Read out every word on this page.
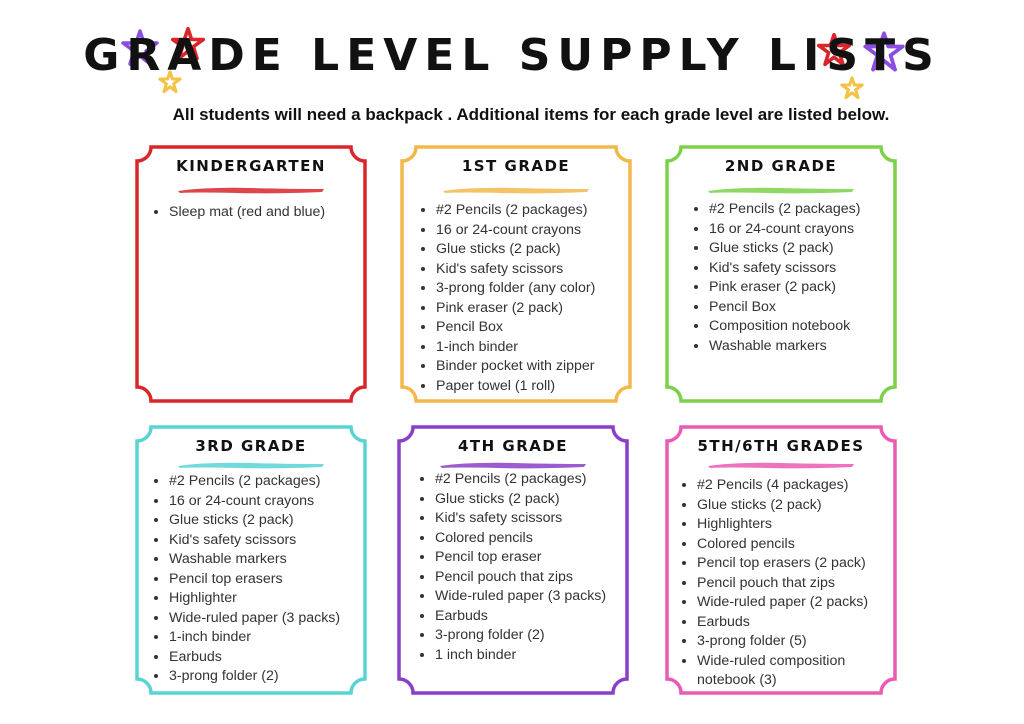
GRADE LEVEL SUPPLY LISTS
All students will need a backpack . Additional items for each grade level are listed below.
KINDERGARTEN
• Sleep mat (red and blue)
1ST GRADE
• #2 Pencils (2 packages)
• 16 or 24-count crayons
• Glue sticks (2 pack)
• Kid's safety scissors
• 3-prong folder (any color)
• Pink eraser (2 pack)
• Pencil Box
• 1-inch binder
• Binder pocket with zipper
• Paper towel (1 roll)
2ND GRADE
• #2 Pencils (2 packages)
• 16 or 24-count crayons
• Glue sticks (2 pack)
• Kid's safety scissors
• Pink eraser (2 pack)
• Pencil Box
• Composition notebook
• Washable markers
3RD GRADE
• #2 Pencils (2 packages)
• 16 or 24-count crayons
• Glue sticks (2 pack)
• Kid's safety scissors
• Washable markers
• Pencil top erasers
• Highlighter
• Wide-ruled paper (3 packs)
• 1-inch binder
• Earbuds
• 3-prong folder (2)
4TH GRADE
• #2 Pencils (2 packages)
• Glue sticks (2 pack)
• Kid's safety scissors
• Colored pencils
• Pencil top eraser
• Pencil pouch that zips
• Wide-ruled paper (3 packs)
• Earbuds
• 3-prong folder (2)
• 1 inch binder
5TH/6TH GRADES
• #2 Pencils (4 packages)
• Glue sticks (2 pack)
• Highlighters
• Colored pencils
• Pencil top erasers (2 pack)
• Pencil pouch that zips
• Wide-ruled paper (2 packs)
• Earbuds
• 3-prong folder (5)
• Wide-ruled composition notebook (3)
